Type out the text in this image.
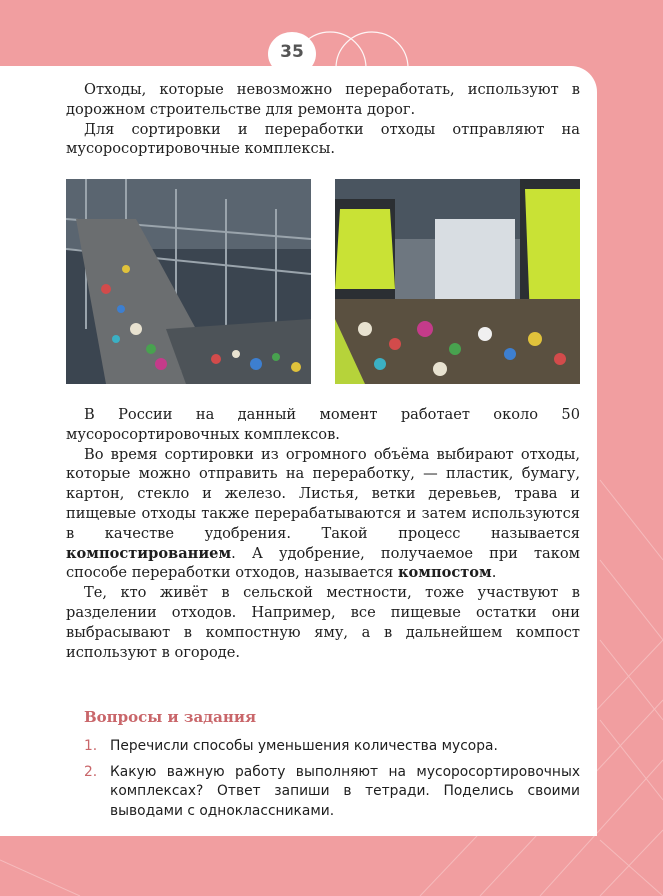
35

Отходы, которые невозможно переработать, используют в дорожном строительстве для ремонта дорог.

Для сортировки и переработки отходы отправляют на мусоросортировочные комплексы.

В России на данный момент работает около 50 мусоросортировочных комплексов.

Во время сортировки из огромного объёма выбирают отходы, которые можно отправить на переработку, — пластик, бумагу, картон, стекло и железо. Листья, ветки деревьев, трава и пищевые отходы также перерабатываются и затем используются в качестве удобрения. Такой процесс называется компостированием. А удобрение, получаемое при таком способе переработки отходов, называется компостом.

Те, кто живёт в сельской местности, тоже участвуют в разделении отходов. Например, все пищевые остатки они выбрасывают в компостную яму, а в дальнейшем компост используют в огороде.

Вопросы и задания
1. Перечисли способы уменьшения количества мусора.
2. Какую важную работу выполняют на мусоросортировочных комплексах? Ответ запиши в тетради. Поделись своими выводами с одноклассниками.
